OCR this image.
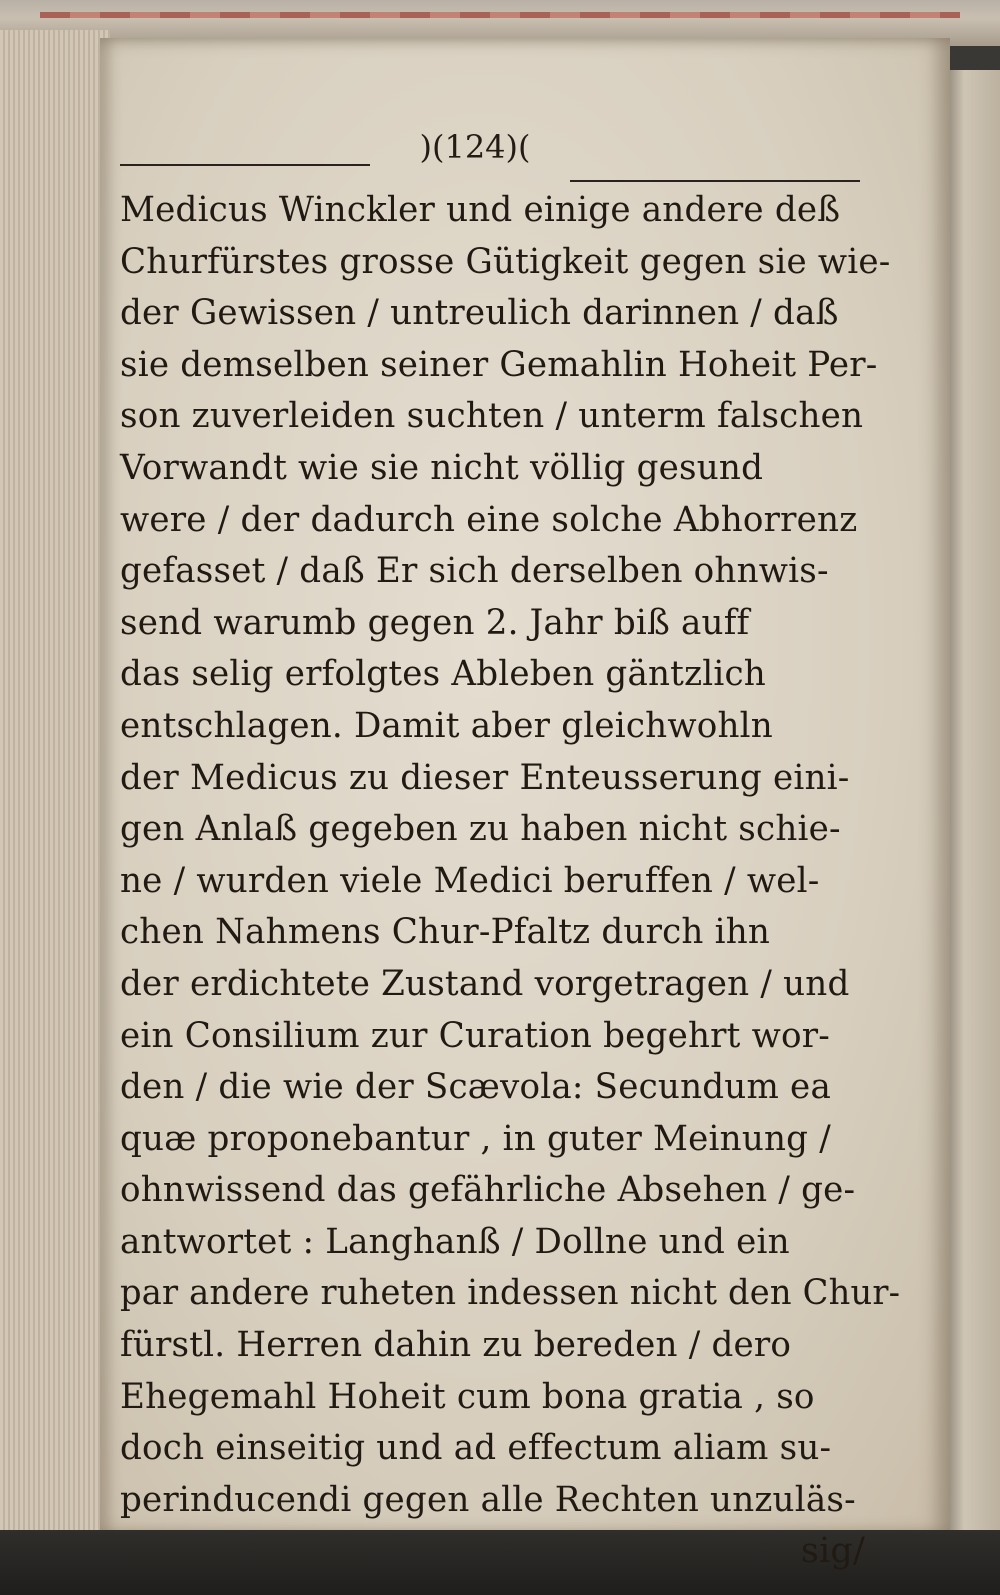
)(124)(
Medicus Winckler und einige andere deß
Churfürstes grosse Gütigkeit gegen sie wie-
der Gewissen / untreulich darinnen / daß
sie demselben seiner Gemahlin Hoheit Per-
son zuverleiden suchten / unterm falschen
Vorwandt wie sie nicht völlig gesund
were / der dadurch eine solche Abhorrenz
gefasset / daß Er sich derselben ohnwis-
send warumb gegen 2. Jahr biß auff
das selig erfolgtes Ableben gäntzlich
entschlagen. Damit aber gleichwohln
der Medicus zu dieser Enteusserung eini-
gen Anlaß gegeben zu haben nicht schie-
ne / wurden viele Medici beruffen / wel-
chen Nahmens Chur-Pfaltz durch ihn
der erdichtete Zustand vorgetragen / und
ein Consilium zur Curation begehrt wor-
den / die wie der Scævola: Secundum ea
quæ proponebantur , in guter Meinung /
ohnwissend das gefährliche Absehen / ge-
antwortet : Langhanß / Dollne und ein
par andere ruheten indessen nicht den Chur-
fürstl. Herren dahin zu bereden / dero
Ehegemahl Hoheit cum bona gratia , so
doch einseitig und ad effectum aliam su-
perinducendi gegen alle Rechten unzuläs-
sig/
